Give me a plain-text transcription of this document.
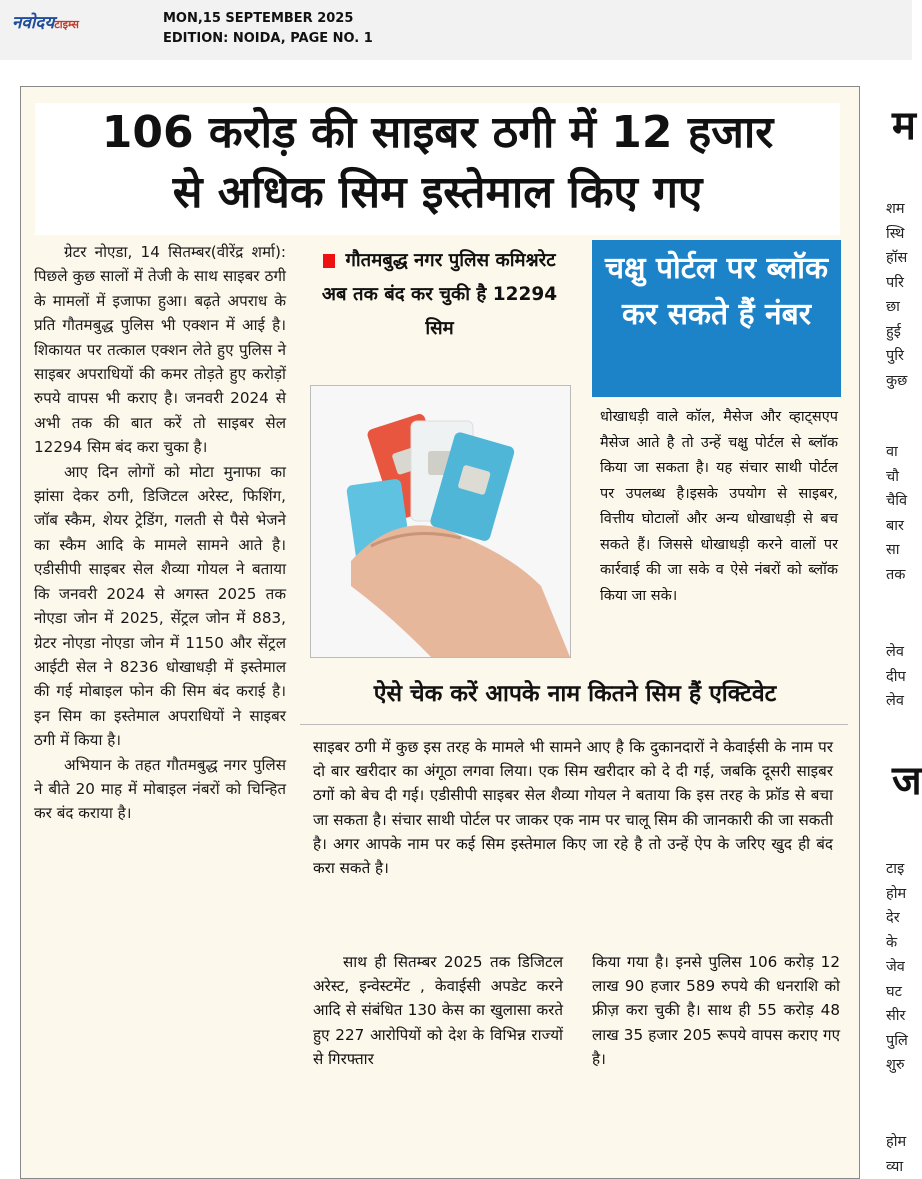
नवोदयटाइम्स	MON,15 SEPTEMBER 2025
EDITION: NOIDA, PAGE NO. 1
106 करोड़ की साइबर ठगी में 12 हजार
से अधिक सिम इस्तेमाल किए गए

ग्रेटर नोएडा, 14 सितम्बर(वीरेंद्र शर्मा): पिछले कुछ सालों में तेजी के साथ साइबर ठगी के मामलों में इजाफा हुआ। बढ़ते अपराध के प्रति गौतमबुद्ध पुलिस भी एक्शन में आई है। शिकायत पर तत्काल एक्शन लेते हुए पुलिस ने साइबर अपराधियों की कमर तोड़ते हुए करोड़ों रुपये वापस भी कराए है। जनवरी 2024 से अभी तक की बात करें तो साइबर सेल 12294 सिम बंद करा चुका है।

आए दिन लोगों को मोटा मुनाफा का झांसा देकर ठगी, डिजिटल अरेस्ट, फिशिंग, जॉब स्कैम, शेयर ट्रेडिंग, गलती से पैसे भेजने का स्कैम आदि के मामले सामने आते है। एडीसीपी साइबर सेल शैव्या गोयल ने बताया कि जनवरी 2024 से अगस्त 2025 तक नोएडा जोन में 2025, सेंट्रल जोन में 883, ग्रेटर नोएडा नोएडा जोन में 1150 और सेंट्रल आईटी सेल ने 8236 धोखाधड़ी में इस्तेमाल की गई मोबाइल फोन की सिम बंद कराई है। इन सिम का इस्तेमाल अपराधियों ने साइबर ठगी में किया है।

अभियान के तहत गौतमबुद्ध नगर पुलिस ने बीते 20 माह में मोबाइल नंबरों को चिन्हित कर बंद कराया है।

गौतमबुद्ध नगर पुलिस कमिश्नरेट अब तक बंद कर चुकी है 12294 सिम
चक्षु पोर्टल पर ब्लॉक कर सकते हैं नंबर
धोखाधड़ी वाले कॉल, मैसेज और व्हाट्सएप मैसेज आते है तो उन्हें चक्षु पोर्टल से ब्लॉक किया जा सकता है। यह संचार साथी पोर्टल पर उपलब्ध है।इसके उपयोग से साइबर, वित्तीय घोटालों और अन्य धोखाधड़ी से बच सकते हैं। जिससे धोखाधड़ी करने वालों पर कार्रवाई की जा सके व ऐसे नंबरों को ब्लॉक किया जा सके।
ऐसे चेक करें आपके नाम कितने सिम हैं एक्टिवेट
साइबर ठगी में कुछ इस तरह के मामले भी सामने आए है कि दुकानदारों ने केवाईसी के नाम पर दो बार खरीदार का अंगूठा लगवा लिया। एक सिम खरीदार को दे दी गई, जबकि दूसरी साइबर ठगों को बेच दी गई। एडीसीपी साइबर सेल शैव्या गोयल ने बताया कि इस तरह के फ्रॉड से बचा जा सकता है। संचार साथी पोर्टल पर जाकर एक नाम पर चालू सिम की जानकारी की जा सकती है। अगर आपके नाम पर कई सिम इस्तेमाल किए जा रहे है तो उन्हें ऐप के जरिए खुद ही बंद करा सकते है।

साथ ही सितम्बर 2025 तक डिजिटल अरेस्ट, इन्वेस्टमेंट , केवाईसी अपडेट करने आदि से संबंधित 130 केस का खुलासा करते हुए 227 आरोपियों को देश के विभिन्न राज्यों से गिरफ्तार

किया गया है। इनसे पुलिस 106 करोड़ 12 लाख 90 हजार 589 रुपये की धनराशि को फ्रीज़ करा चुकी है। साथ ही 55 करोड़ 48 लाख 35 हजार 205 रूपये वापस कराए गए है।
म
ज
शम
स्थि
हॉस
परि
छा
हुई
पुरि
कुछ
वा
चौ
चैवि
बार
सा
तक
लेव
दीप
लेव
टाइ
होम
देर
के
जेव
घट
सीर
पुलि
शुरु
होम
व्या
